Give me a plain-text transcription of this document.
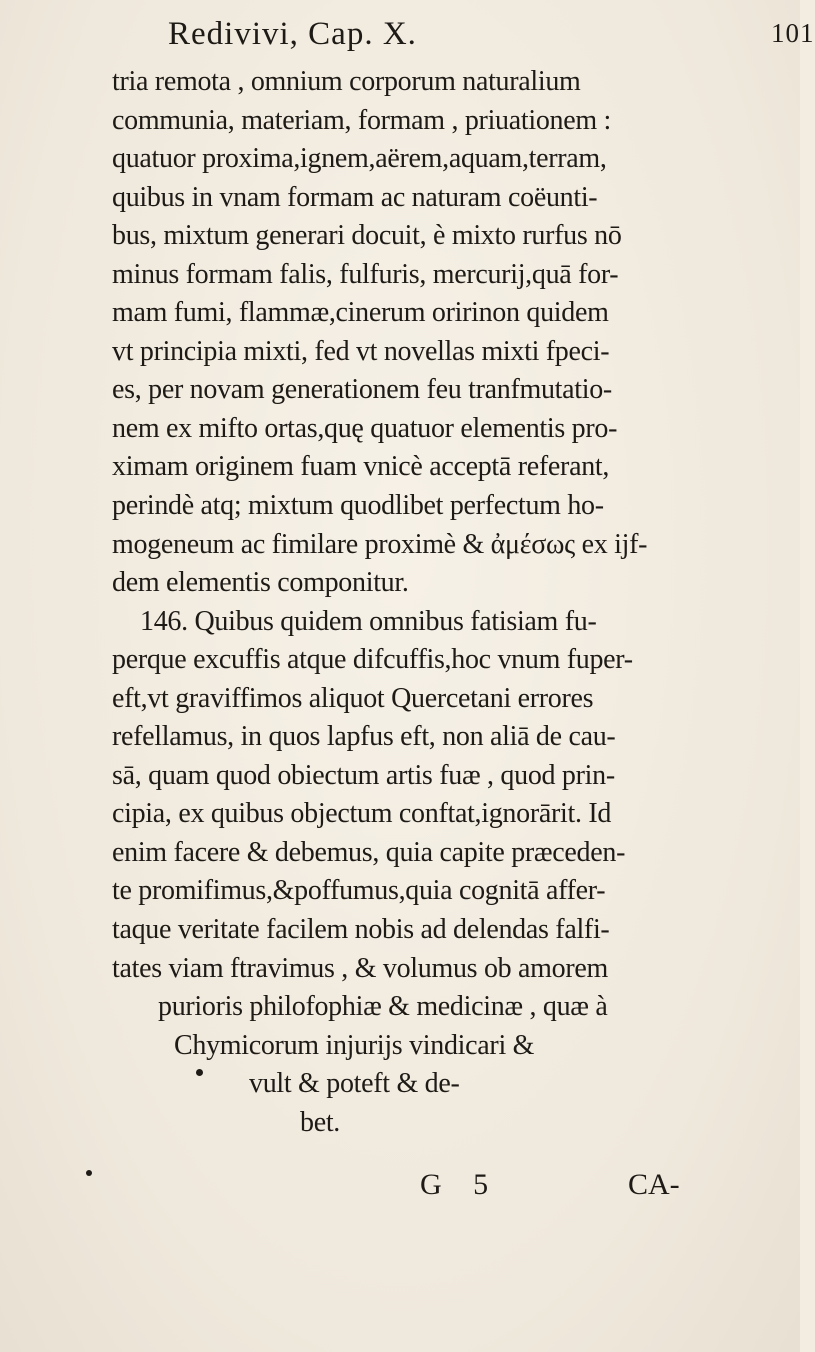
Redivivi, Cap. X.	101
tria remota , omnium corporum naturalium
communia, materiam, formam , priuationem :
quatuor proxima,ignem,aërem,aquam,terram,
quibus in vnam formam ac naturam coëunti-
bus, mixtum generari docuit, è mixto rurfus nō
minus formam falis, fulfuris, mercurij,quā for-
mam fumi, flammæ,cinerum oririnon quidem
vt principia mixti, fed vt novellas mixti fpeci-
es, per novam generationem feu tranfmutatio-
nem ex mifto ortas,quę quatuor elementis pro-
ximam originem fuam vnicè acceptā referant,
perindè atq; mixtum quodlibet perfectum ho-
mogeneum ac fimilare proximè & ἀμέσως ex ijf-
dem elementis componitur.
146. Quibus quidem omnibus fatisiam fu-
perque excuffis atque difcuffis,hoc vnum fuper-
eft,vt graviffimos aliquot Quercetani errores
refellamus, in quos lapfus eft, non aliā de cau-
sā, quam quod obiectum artis fuæ , quod prin-
cipia, ex quibus objectum conftat,ignorārit. Id
enim facere & debemus, quia capite præceden-
te promifimus,&poffumus,quia cognitā affer-
taque veritate facilem nobis ad delendas falfi-
tates viam ftravimus , & volumus ob amorem
purioris philofophiæ & medicinæ , quæ à
Chymicorum injurijs vindicari &
vult & poteft & de-
bet.
G 5	CA-
